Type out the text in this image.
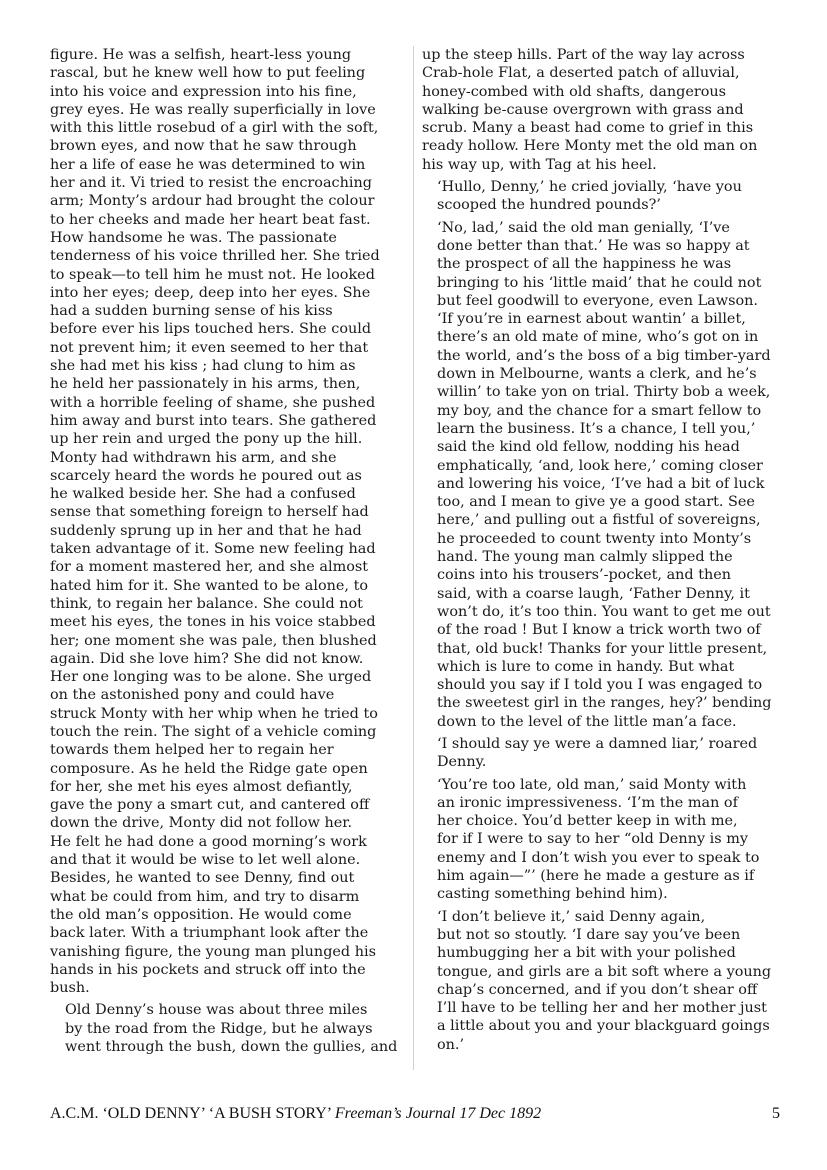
figure. He was a selfish, heart-less young
rascal, but he knew well how to put feeling
into his voice and expression into his fine,
grey eyes. He was really superficially in love
with this little rosebud of a girl with the soft,
brown eyes, and now that he saw through
her a life of ease he was determined to win
her and it. Vi tried to resist the encroaching
arm; Monty’s ardour had brought the colour
to her cheeks and made her heart beat fast.
How handsome he was. The passionate
tenderness of his voice thrilled her. She tried
to speak—to tell him he must not. He looked
into her eyes; deep, deep into her eyes. She
had a sudden burning sense of his kiss
before ever his lips touched hers. She could
not prevent him; it even seemed to her that
she had met his kiss ; had clung to him as
he held her passionately in his arms, then,
with a horrible feeling of shame, she pushed
him away and burst into tears. She gathered
up her rein and urged the pony up the hill.
Monty had withdrawn his arm, and she
scarcely heard the words he poured out as
he walked beside her. She had a confused
sense that something foreign to herself had
suddenly sprung up in her and that he had
taken advantage of it. Some new feeling had
for a moment mastered her, and she almost
hated him for it. She wanted to be alone, to
think, to regain her balance. She could not
meet his eyes, the tones in his voice stabbed
her; one moment she was pale, then blushed
again. Did she love him? She did not know.
Her one longing was to be alone. She urged
on the astonished pony and could have
struck Monty with her whip when he tried to
touch the rein. The sight of a vehicle coming
towards them helped her to regain her
composure. As he held the Ridge gate open
for her, she met his eyes almost defiantly,
gave the pony a smart cut, and cantered off
down the drive, Monty did not follow her.
He felt he had done a good morning’s work
and that it would be wise to let well alone.
Besides, he wanted to see Denny, find out
what be could from him, and try to disarm
the old man’s opposition. He would come
back later. With a triumphant look after the
vanishing figure, the young man plunged his
hands in his pockets and struck off into the
bush.

Old Denny’s house was about three miles
by the road from the Ridge, but he always
went through the bush, down the gullies, and

up the steep hills. Part of the way lay across
Crab-hole Flat, a deserted patch of alluvial,
honey-combed with old shafts, dangerous
walking be-cause overgrown with grass and
scrub. Many a beast had come to grief in this
ready hollow. Here Monty met the old man on
his way up, with Tag at his heel.

‘Hullo, Denny,’ he cried jovially, ‘have you
scooped the hundred pounds?’

‘No, lad,’ said the old man genially, ‘I’ve
done better than that.’ He was so happy at
the prospect of all the happiness he was
bringing to his ‘little maid’ that he could not
but feel goodwill to everyone, even Lawson.
‘If you’re in earnest about wantin’ a billet,
there’s an old mate of mine, who’s got on in
the world, and’s the boss of a big timber-yard
down in Melbourne, wants a clerk, and he’s
willin’ to take yon on trial. Thirty bob a week,
my boy, and the chance for a smart fellow to
learn the business. It’s a chance, I tell you,’
said the kind old fellow, nodding his head
emphatically, ‘and, look here,’ coming closer
and lowering his voice, ‘I’ve had a bit of luck
too, and I mean to give ye a good start. See
here,’ and pulling out a fistful of sovereigns,
he proceeded to count twenty into Monty’s
hand. The young man calmly slipped the
coins into his trousers’-pocket, and then
said, with a coarse laugh, ‘Father Denny, it
won’t do, it’s too thin. You want to get me out
of the road ! But I know a trick worth two of
that, old buck! Thanks for your little present,
which is lure to come in handy. But what
should you say if I told you I was engaged to
the sweetest girl in the ranges, hey?’ bending
down to the level of the little man’a face.

‘I should say ye were a damned liar,’ roared
Denny.

‘You’re too late, old man,’ said Monty with
an ironic impressiveness. ‘I’m the man of
her choice. You’d better keep in with me,
for if I were to say to her “old Denny is my
enemy and I don’t wish you ever to speak to
him again—”’ (here he made a gesture as if
casting something behind him).

‘I don’t believe it,’ said Denny again,
but not so stoutly. ‘I dare say you’ve been
humbugging her a bit with your polished
tongue, and girls are a bit soft where a young
chap’s concerned, and if you don’t shear off
I’ll have to be telling her and her mother just
a little about you and your blackguard goings
on.’

A.C.M. ‘OLD DENNY’ ‘A BUSH STORY’ Freeman’s Journal 17 Dec 1892	5
